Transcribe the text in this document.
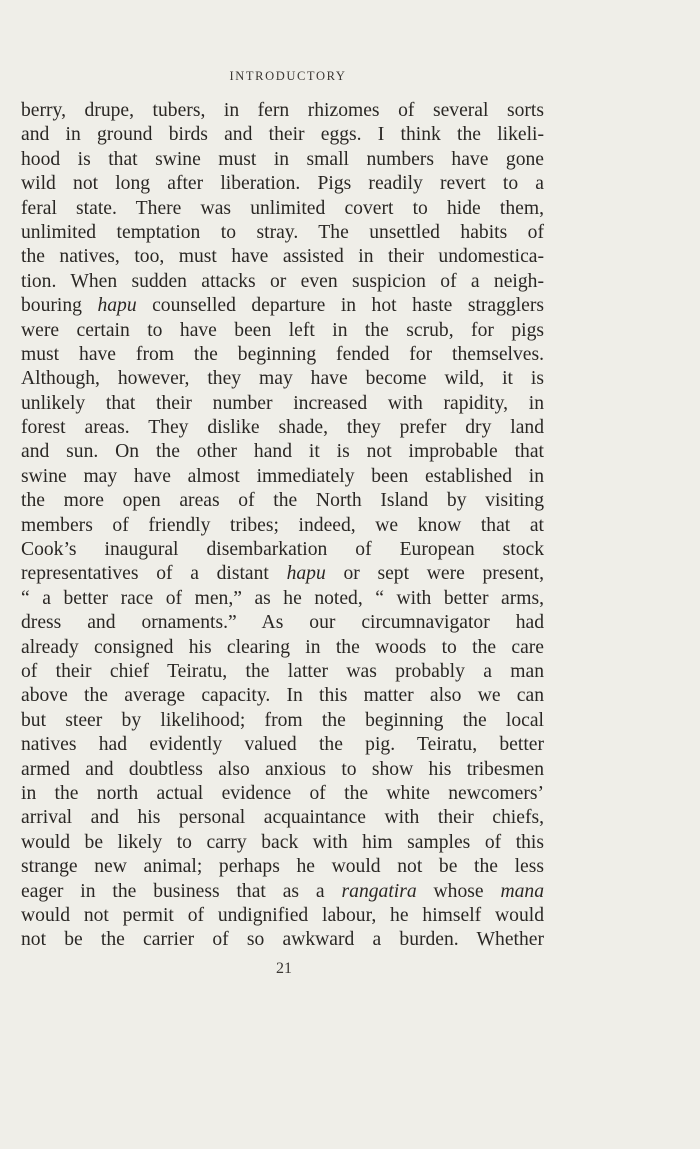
INTRODUCTORY
berry, drupe, tubers, in fern rhizomes of several sorts
and in ground birds and their eggs. I think the likeli-
hood is that swine must in small numbers have gone
wild not long after liberation. Pigs readily revert to a
feral state. There was unlimited covert to hide them,
unlimited temptation to stray. The unsettled habits of
the natives, too, must have assisted in their undomestica-
tion. When sudden attacks or even suspicion of a neigh-
bouring hapu counselled departure in hot haste stragglers
were certain to have been left in the scrub, for pigs
must have from the beginning fended for themselves.
Although, however, they may have become wild, it is
unlikely that their number increased with rapidity, in
forest areas. They dislike shade, they prefer dry land
and sun. On the other hand it is not improbable that
swine may have almost immediately been established in
the more open areas of the North Island by visiting
members of friendly tribes; indeed, we know that at
Cook’s inaugural disembarkation of European stock
representatives of a distant hapu or sept were present,
“ a better race of men,” as he noted, “ with better arms,
dress and ornaments.” As our circumnavigator had
already consigned his clearing in the woods to the care
of their chief Teiratu, the latter was probably a man
above the average capacity. In this matter also we can
but steer by likelihood; from the beginning the local
natives had evidently valued the pig. Teiratu, better
armed and doubtless also anxious to show his tribesmen
in the north actual evidence of the white newcomers’
arrival and his personal acquaintance with their chiefs,
would be likely to carry back with him samples of this
strange new animal; perhaps he would not be the less
eager in the business that as a rangatira whose mana
would not permit of undignified labour, he himself would
not be the carrier of so awkward a burden. Whether
21
